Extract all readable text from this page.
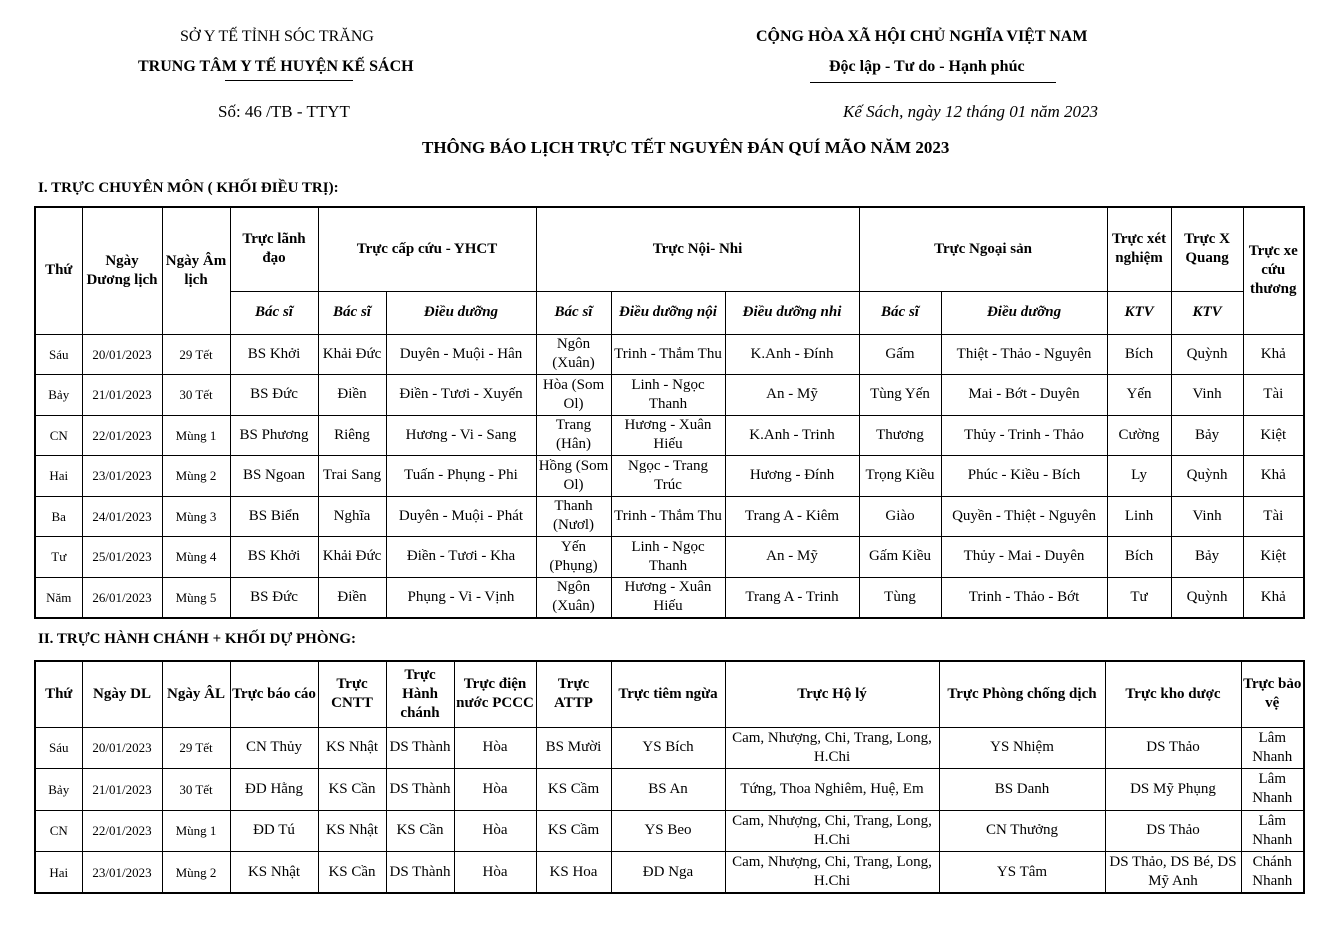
SỞ Y TẾ TỈNH SÓC TRĂNG
TRUNG TÂM Y TẾ HUYỆN KẾ SÁCH
Số: 46 /TB - TTYT
CỘNG HÒA XÃ HỘI CHỦ NGHĨA VIỆT NAM
Độc lập - Tư do - Hạnh phúc
Kế Sách, ngày 12 tháng 01 năm 2023
THÔNG BÁO LỊCH TRỰC TẾT NGUYÊN ĐÁN QUÍ MÃO NĂM 2023
I. TRỰC CHUYÊN MÔN ( KHỐI ĐIỀU TRỊ):
Thứ	Ngày Dương lịch	Ngày Âm lịch	Trực lãnh đạo	Trực cấp cứu - YHCT		Trực Nội- Nhi			Trực Ngoại sản		Trực xét nghiệm	Trực X Quang	Trực xe cứu thương
			Bác sĩ	Bác sĩ	Điều dưỡng	Bác sĩ	Điều dưỡng nội	Điều dưỡng nhi	Bác sĩ	Điều dưỡng	KTV	KTV	
Sáu	20/01/2023	29 Tết	BS Khởi	Khải Đức	Duyên - Muội - Hân	Ngôn (Xuân)	Trinh - Thắm Thu	K.Anh - Đính	Gấm	Thiệt - Thảo - Nguyên	Bích	Quỳnh	Khả
Bảy	21/01/2023	30 Tết	BS Đức	Điền	Điền - Tươi - Xuyến	Hòa (Som Ol)	Linh - Ngọc Thanh	An - Mỹ	Tùng Yến	Mai - Bớt - Duyên	Yến	Vinh	Tài
CN	22/01/2023	Mùng 1	BS Phương	Riêng	Hương - Vi - Sang	Trang (Hân)	Hương - Xuân Hiếu	K.Anh - Trinh	Thương	Thủy - Trinh - Thảo	Cường	Bảy	Kiệt
Hai	23/01/2023	Mùng 2	BS Ngoan	Trai Sang	Tuấn - Phụng - Phi	Hồng (Som Ol)	Ngọc - Trang Trúc	Hương - Đính	Trọng Kiều	Phúc - Kiều - Bích	Ly	Quỳnh	Khả
Ba	24/01/2023	Mùng 3	BS Biển	Nghĩa	Duyên - Muội - Phát	Thanh (Nươl)	Trinh - Thắm Thu	Trang A - Kiêm	Giào	Quyền - Thiệt - Nguyên	Linh	Vinh	Tài
Tư	25/01/2023	Mùng 4	BS Khởi	Khải Đức	Điền - Tươi - Kha	Yến (Phụng)	Linh - Ngọc Thanh	An - Mỹ	Gấm Kiều	Thủy - Mai - Duyên	Bích	Bảy	Kiệt
Năm	26/01/2023	Mùng 5	BS Đức	Điền	Phụng - Vi - Vịnh	Ngôn (Xuân)	Hương - Xuân Hiếu	Trang A - Trinh	Tùng	Trinh - Thảo - Bớt	Tư	Quỳnh	Khả
II. TRỰC HÀNH CHÁNH + KHỐI DỰ PHÒNG:
Thứ	Ngày DL	Ngày ÂL	Trực báo cáo	Trực CNTT	Trực Hành chánh	Trực điện nước PCCC	Trực ATTP	Trực tiêm ngừa	Trực Hộ lý	Trực Phòng chống dịch	Trực kho dược	Trực bảo vệ
Sáu	20/01/2023	29 Tết	CN Thủy	KS Nhật	DS Thành	Hòa	BS Mười	YS Bích	Cam, Nhượng, Chi, Trang, Long, H.Chi	YS Nhiệm	DS Thảo	Lâm Nhanh
Bảy	21/01/2023	30 Tết	ĐD Hằng	KS Cần	DS Thành	Hòa	KS Cầm	BS An	Tứng, Thoa Nghiêm, Huệ, Em	BS Danh	DS Mỹ Phụng	Lâm Nhanh
CN	22/01/2023	Mùng 1	ĐD Tú	KS Nhật	KS Cần	Hòa	KS Cầm	YS Beo	Cam, Nhượng, Chi, Trang, Long, H.Chi	CN Thưởng	DS Thảo	Lâm Nhanh
Hai	23/01/2023	Mùng 2	KS Nhật	KS Cần	DS Thành	Hòa	KS Hoa	ĐD Nga	Cam, Nhượng, Chi, Trang, Long, H.Chi	YS Tâm	DS Thảo, DS Bé, DS Mỹ Anh	Chánh Nhanh
